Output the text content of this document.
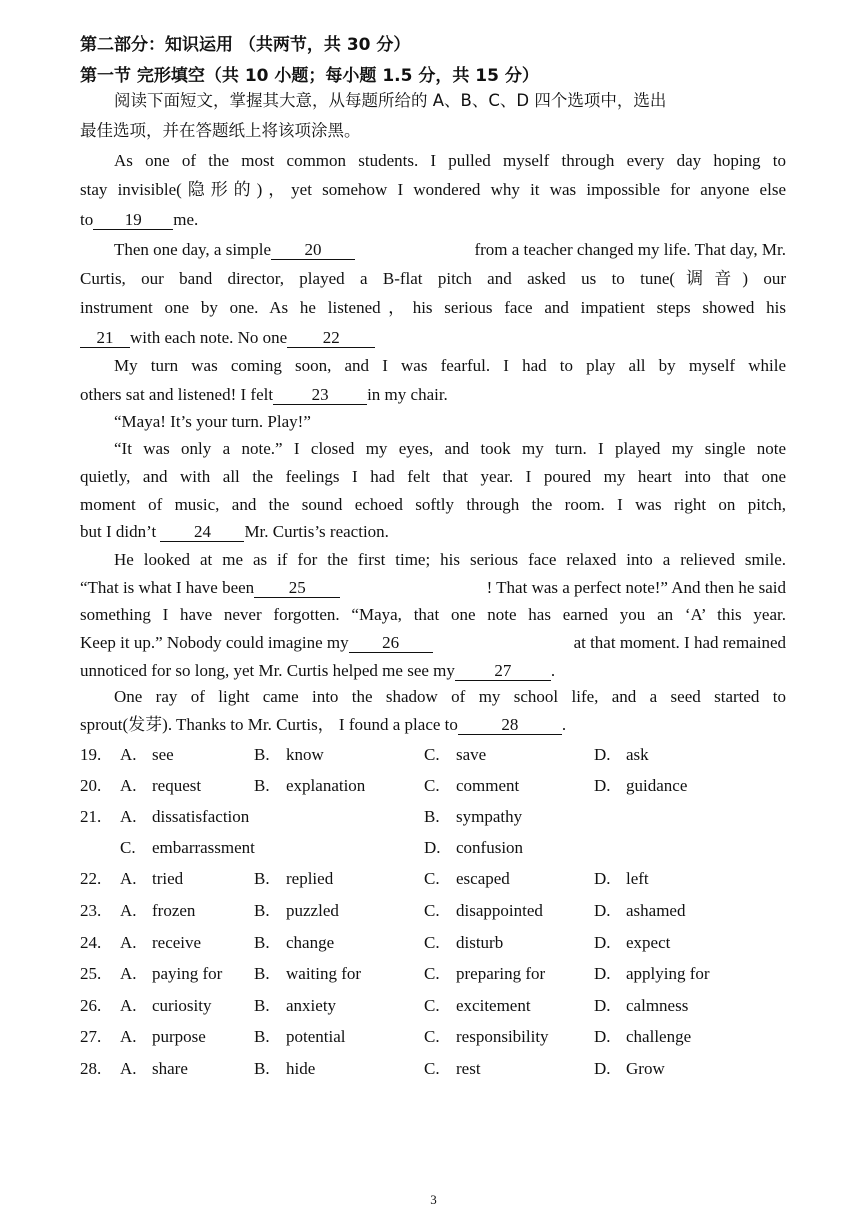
第二部分：知识运用 （共两节，共 30 分）
第一节 完形填空（共 10 小题；每小题 1.5 分，共 15 分）
阅读下面短文，掌握其大意，从每题所给的 A、B、C、D 四个选项中，选出
最佳选项，并在答题纸上将该项涂黑。
As one of the most common students. I pulled myself through every day hoping to
stay invisible(隐形的)，yet somehow I wondered why it was impossible for anyone else
to 19 me.
Then one day, a simple 20	from a teacher changed my life. That day, Mr.
Curtis, our band director, played a B-flat pitch and asked us to tune(调音) our
instrument one by one. As he listened，his serious face and impatient steps showed his
21 with each note. No one 22
My turn was coming soon, and I was fearful. I had to play all by myself while
others sat and listened! I felt 23 in my chair.
“Maya! It’s your turn. Play!”
“It was only a note.” I closed my eyes, and took my turn. I played my single note
quietly, and with all the feelings I had felt that year. I poured my heart into that one
moment of music, and the sound echoed softly through the room. I was right on pitch,
but I didn’t 24 Mr. Curtis’s reaction.
He looked at me as if for the first time; his serious face relaxed into a relieved smile.
“That is what I have been 25	! That was a perfect note!” And then he said
something I have never forgotten. “Maya, that one note has earned you an ‘A’ this year.
Keep it up.” Nobody could imagine my 26	at that moment. I had remained
unnoticed for so long, yet Mr. Curtis helped me see my 27 .
One ray of light came into the shadow of my school life, and a seed started to
sprout(发芽). Thanks to Mr. Curtis， I found a place to	28	.
19. A. see	B. know	C. save	D. ask
20. A. request	B. explanation	C. comment	D. guidance
21. A. dissatisfaction	B. sympathy
C. embarrassment	D. confusion
22. A. tried	B. replied	C. escaped	D. left
23. A. frozen	B. puzzled	C. disappointed	D. ashamed
24. A. receive	B. change	C. disturb	D. expect
25. A. paying for B. waiting for	C. preparing for	D. applying for
26. A. curiosity	B. anxiety	C. excitement	D. calmness
27. A. purpose	B. potential	C. responsibility	D. challenge
28. A. share	B. hide	C. rest	D. Grow
3
